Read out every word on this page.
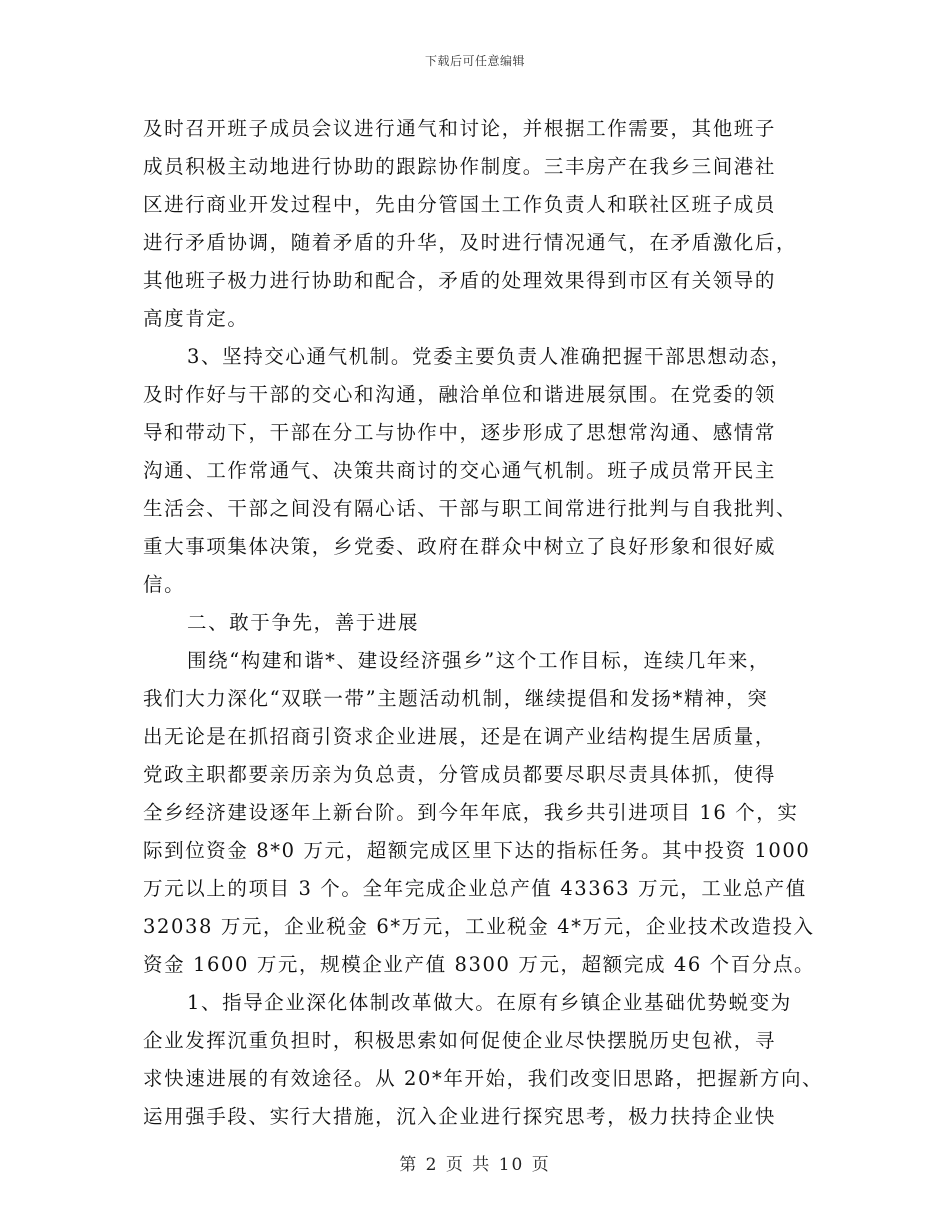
下载后可任意编辑
及时召开班子成员会议进行通气和讨论，并根据工作需要，其他班子
成员积极主动地进行协助的跟踪协作制度。三丰房产在我乡三间港社
区进行商业开发过程中，先由分管国土工作负责人和联社区班子成员
进行矛盾协调，随着矛盾的升华，及时进行情况通气，在矛盾激化后，
其他班子极力进行协助和配合，矛盾的处理效果得到市区有关领导的
高度肯定。
3、坚持交心通气机制。党委主要负责人准确把握干部思想动态，
及时作好与干部的交心和沟通，融洽单位和谐进展氛围。在党委的领
导和带动下，干部在分工与协作中，逐步形成了思想常沟通、感情常
沟通、工作常通气、决策共商讨的交心通气机制。班子成员常开民主
生活会、干部之间没有隔心话、干部与职工间常进行批判与自我批判、
重大事项集体决策，乡党委、政府在群众中树立了良好形象和很好威
信。
二、敢于争先，善于进展
围绕“构建和谐*、建设经济强乡”这个工作目标，连续几年来，
我们大力深化“双联一带”主题活动机制，继续提倡和发扬*精神，突
出无论是在抓招商引资求企业进展，还是在调产业结构提生居质量，
党政主职都要亲历亲为负总责，分管成员都要尽职尽责具体抓，使得
全乡经济建设逐年上新台阶。到今年年底，我乡共引进项目 16 个，实
际到位资金 8*0 万元，超额完成区里下达的指标任务。其中投资 1000
万元以上的项目 3 个。全年完成企业总产值 43363 万元，工业总产值
32038 万元，企业税金 6*万元，工业税金 4*万元，企业技术改造投入
资金 1600 万元，规模企业产值 8300 万元，超额完成 46 个百分点。
1、指导企业深化体制改革做大。在原有乡镇企业基础优势蜕变为
企业发挥沉重负担时，积极思索如何促使企业尽快摆脱历史包袱，寻
求快速进展的有效途径。从 20*年开始，我们改变旧思路，把握新方向、
运用强手段、实行大措施，沉入企业进行探究思考，极力扶持企业快
第 2 页 共 10 页
